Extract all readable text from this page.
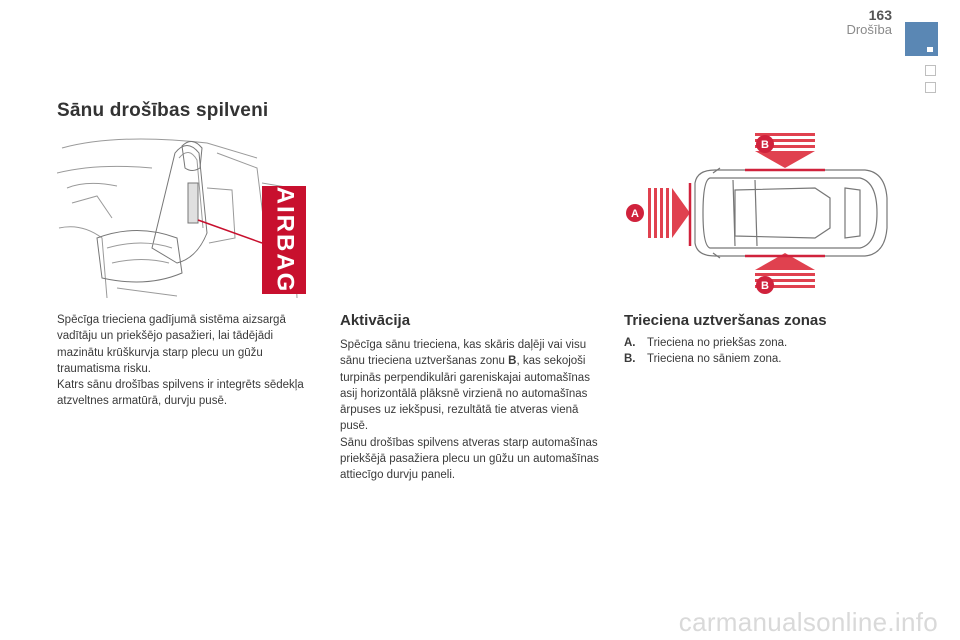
163
Drošība
Sānu drošības spilveni
AIRBAG
B
B
A

Spēcīga trieciena gadījumā sistēma aizsargā vadītāju un priekšējo pasažieri, lai tādējādi mazinātu krūškurvja starp plecu un gūžu traumatisma risku.

Katrs sānu drošības spilvens ir integrēts sēdekļa atzveltnes armatūrā, durvju pusē.

Aktivācija

Spēcīga sānu trieciena, kas skāris daļēji vai visu sānu trieciena uztveršanas zonu B, kas sekojoši turpinās perpendikulāri gareniskajai automašīnas asij horizontālā plāksnē virzienā no automašīnas ārpuses uz iekšpusi, rezultātā tie atveras vienā pusē.

Sānu drošības spilvens atveras starp automašīnas priekšējā pasažiera plecu un gūžu un automašīnas attiecīgo durvju paneli.

Trieciena uztveršanas zonas
A.	Trieciena no priekšas zona.
B.	Trieciena no sāniem zona.
carmanualsonline.info
